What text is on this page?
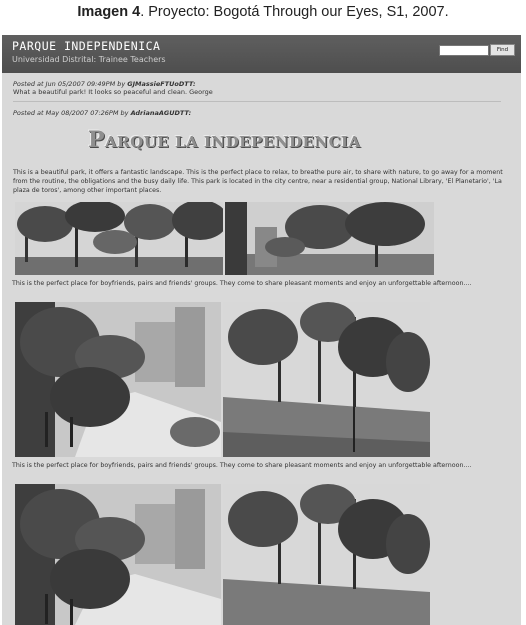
Imagen 4. Proyecto: Bogotá Through our Eyes, S1, 2007.
PARQUE INDEPENDENICA
Universidad Distrital: Trainee Teachers
Find
Posted at Jun 05/2007 09:49PM by GJMassieFTUoDTT:
What a beautiful park! It looks so peaceful and clean. George
Posted at May 08/2007 07:26PM by AdrianaAGUDTT:
PARQUE LA INDEPENDENCIA
This is a beautiful park, it offers a fantastic landscape. This is the perfect place to relax, to breathe pure air, to share with nature, to go away for a moment from the routine, the obligations and the busy daily life. This park is located in the city centre, near a residential group, National Library, 'El Planetario', 'La plaza de toros', among other important places.
This is the perfect place for boyfriends, pairs and friends' groups. They come to share pleasant moments and enjoy an unforgettable afternoon....
This is the perfect place for boyfriends, pairs and friends' groups. They come to share pleasant moments and enjoy an unforgettable afternoon....
